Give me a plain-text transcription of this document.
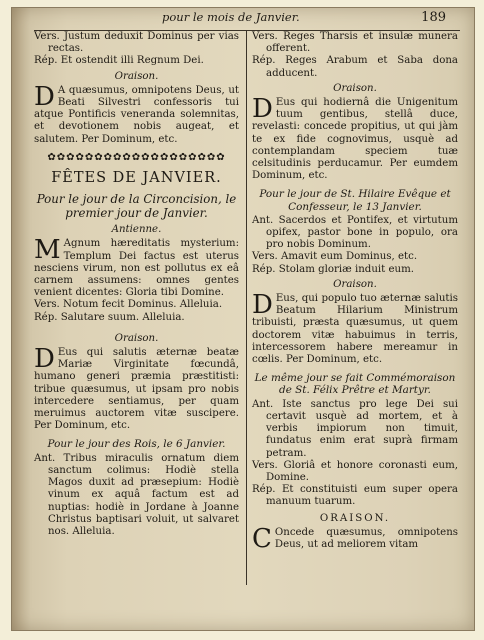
pour le mois de Janvier.	189

Vers. Justum deduxit Dominus per vias rectas.

Rép. Et ostendit illi Regnum Dei.

Oraison.

D A quæsumus, omnipotens Deus, ut Beati Silvestri confessoris tui atque Pontificis veneranda solemnitas, et devotionem nobis augeat, et salutem. Per Dominum, etc.

✿✿✿✿✿✿✿✿✿✿✿✿✿✿✿✿✿✿✿
FÊTES DE JANVIER.

Pour le jour de la Circoncision, le premier jour de Janvier.

Antienne.

M Agnum hæreditatis mysterium: Templum Dei factus est uterus nesciens virum, non est pollutus ex eâ carnem assumens: omnes gentes venient dicentes: Gloria tibi Domine.

Vers. Notum fecit Dominus. Alleluia.

Rép. Salutare suum. Alleluia.

Oraison.

D Eus qui salutis æternæ beatæ Mariæ Virginitate fœcundâ, humano generi præmia præstitisti: tribue quæsumus, ut ipsam pro nobis intercedere sentiamus, per quam meruimus auctorem vitæ suscipere. Per Dominum, etc.

Pour le jour des Rois, le 6 Janvier.

Ant. Tribus miraculis ornatum diem sanctum colimus: Hodiè stella Magos duxit ad præsepium: Hodiè vinum ex aquâ factum est ad nuptias: hodiè in Jordane à Joanne Christus baptisari voluit, ut salvaret nos. Alleluia.

Vers. Reges Tharsis et insulæ munera offerent.

Rép. Reges Arabum et Saba dona adducent.

Oraison.

D Eus qui hodiernâ die Unigenitum tuum gentibus, stellâ duce, revelasti: concede propitius, ut qui jàm te ex fide cognovimus, usquè ad contemplandam speciem tuæ celsitudinis perducamur. Per eumdem Dominum, etc.

Pour le jour de St. Hilaire Evêque et Confesseur, le 13 Janvier.

Ant. Sacerdos et Pontifex, et virtutum opifex, pastor bone in populo, ora pro nobis Dominum.

Vers. Amavit eum Dominus, etc.

Rép. Stolam gloriæ induit eum.

Oraison.

D Eus, qui populo tuo æternæ salutis Beatum Hilarium Ministrum tribuisti, præsta quæsumus, ut quem doctorem vitæ habuimus in terris, intercessorem habere mereamur in cœlis. Per Dominum, etc.

Le même jour se fait Commémoraison de St. Félix Prêtre et Martyr.

Ant. Iste sanctus pro lege Dei sui certavit usquè ad mortem, et à verbis impiorum non timuit, fundatus enim erat suprà firmam petram.

Vers. Gloriâ et honore coronasti eum, Domine.

Rép. Et constituisti eum super opera manuum tuarum.

ORAISON.

C Oncede quæsumus, omnipotens Deus, ut ad meliorem vitam
